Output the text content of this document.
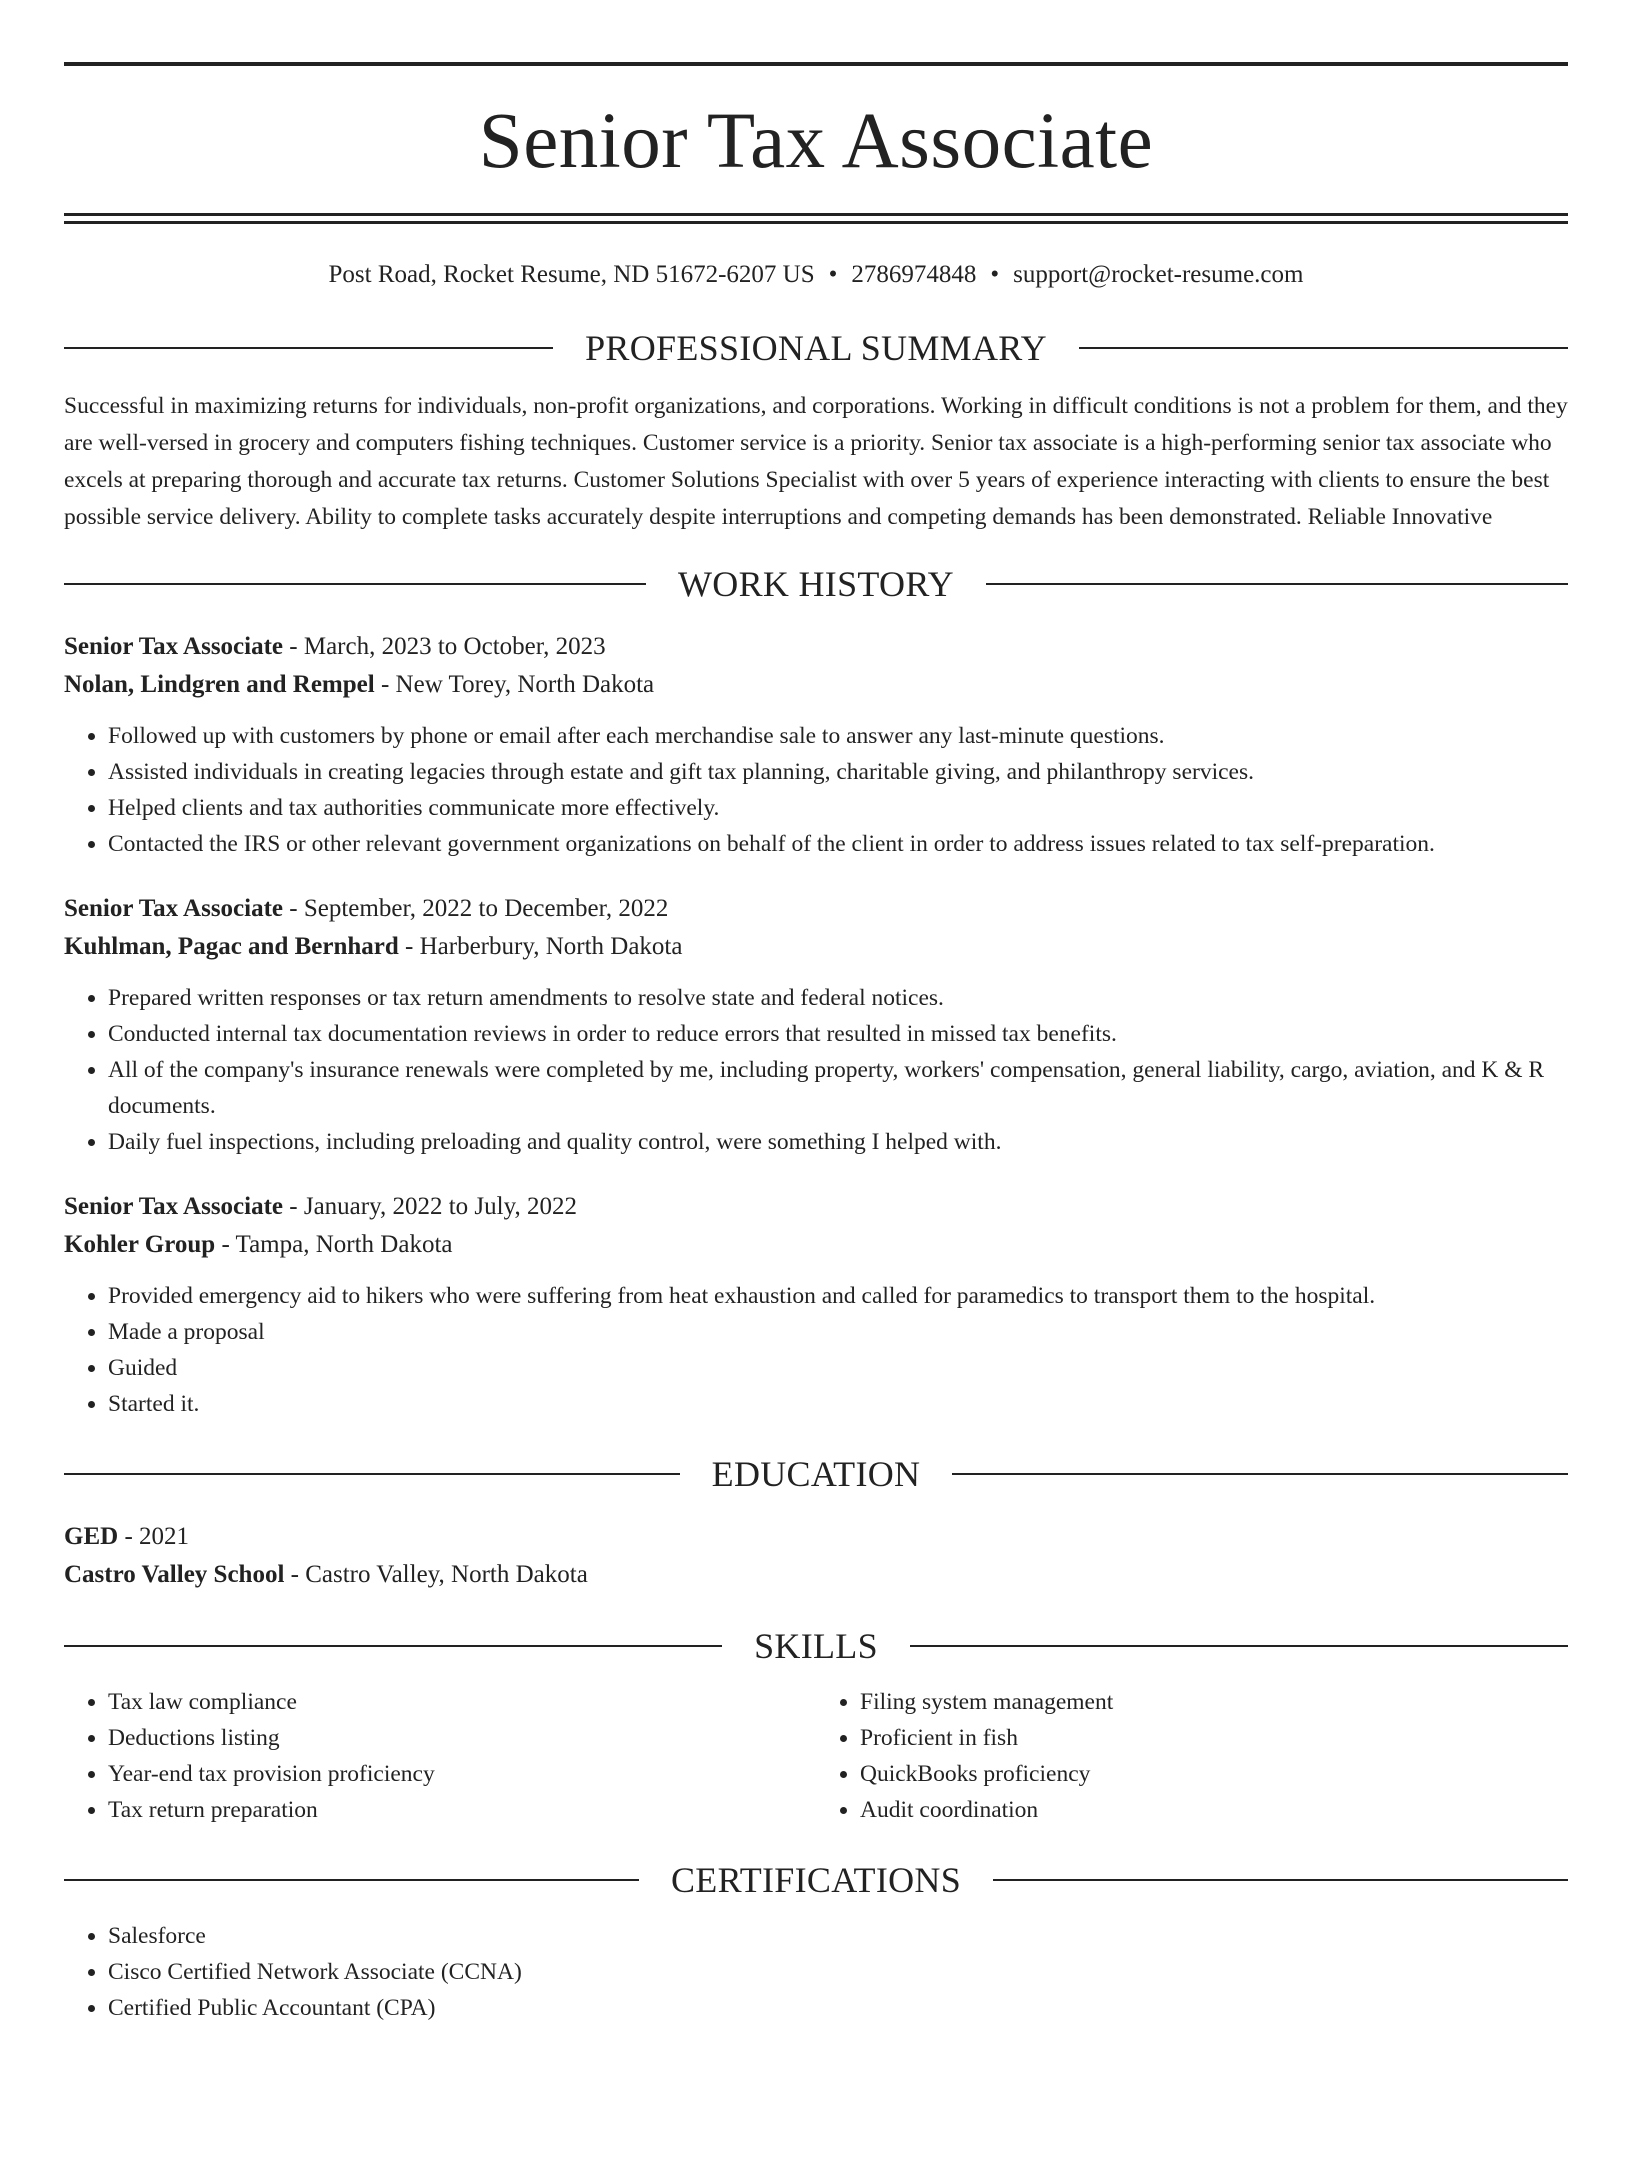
Senior Tax Associate
Post Road, Rocket Resume, ND 51672-6207 US • 2786974848 • support@rocket-resume.com
PROFESSIONAL SUMMARY
Successful in maximizing returns for individuals, non-profit organizations, and corporations. Working in difficult conditions is not a problem for them, and they are well-versed in grocery and computers fishing techniques. Customer service is a priority. Senior tax associate is a high-performing senior tax associate who excels at preparing thorough and accurate tax returns. Customer Solutions Specialist with over 5 years of experience interacting with clients to ensure the best possible service delivery. Ability to complete tasks accurately despite interruptions and competing demands has been demonstrated. Reliable Innovative
WORK HISTORY
Senior Tax Associate - March, 2023 to October, 2023
Nolan, Lindgren and Rempel - New Torey, North Dakota
• Followed up with customers by phone or email after each merchandise sale to answer any last-minute questions.
• Assisted individuals in creating legacies through estate and gift tax planning, charitable giving, and philanthropy services.
• Helped clients and tax authorities communicate more effectively.
• Contacted the IRS or other relevant government organizations on behalf of the client in order to address issues related to tax self-preparation.
Senior Tax Associate - September, 2022 to December, 2022
Kuhlman, Pagac and Bernhard - Harberbury, North Dakota
• Prepared written responses or tax return amendments to resolve state and federal notices.
• Conducted internal tax documentation reviews in order to reduce errors that resulted in missed tax benefits.
• All of the company's insurance renewals were completed by me, including property, workers' compensation, general liability, cargo, aviation, and K & R documents.
• Daily fuel inspections, including preloading and quality control, were something I helped with.
Senior Tax Associate - January, 2022 to July, 2022
Kohler Group - Tampa, North Dakota
• Provided emergency aid to hikers who were suffering from heat exhaustion and called for paramedics to transport them to the hospital.
• Made a proposal
• Guided
• Started it.
EDUCATION
GED - 2021
Castro Valley School - Castro Valley, North Dakota
SKILLS
• Tax law compliance
• Deductions listing
• Year-end tax provision proficiency
• Tax return preparation
• Filing system management
• Proficient in fish
• QuickBooks proficiency
• Audit coordination
CERTIFICATIONS
• Salesforce
• Cisco Certified Network Associate (CCNA)
• Certified Public Accountant (CPA)
